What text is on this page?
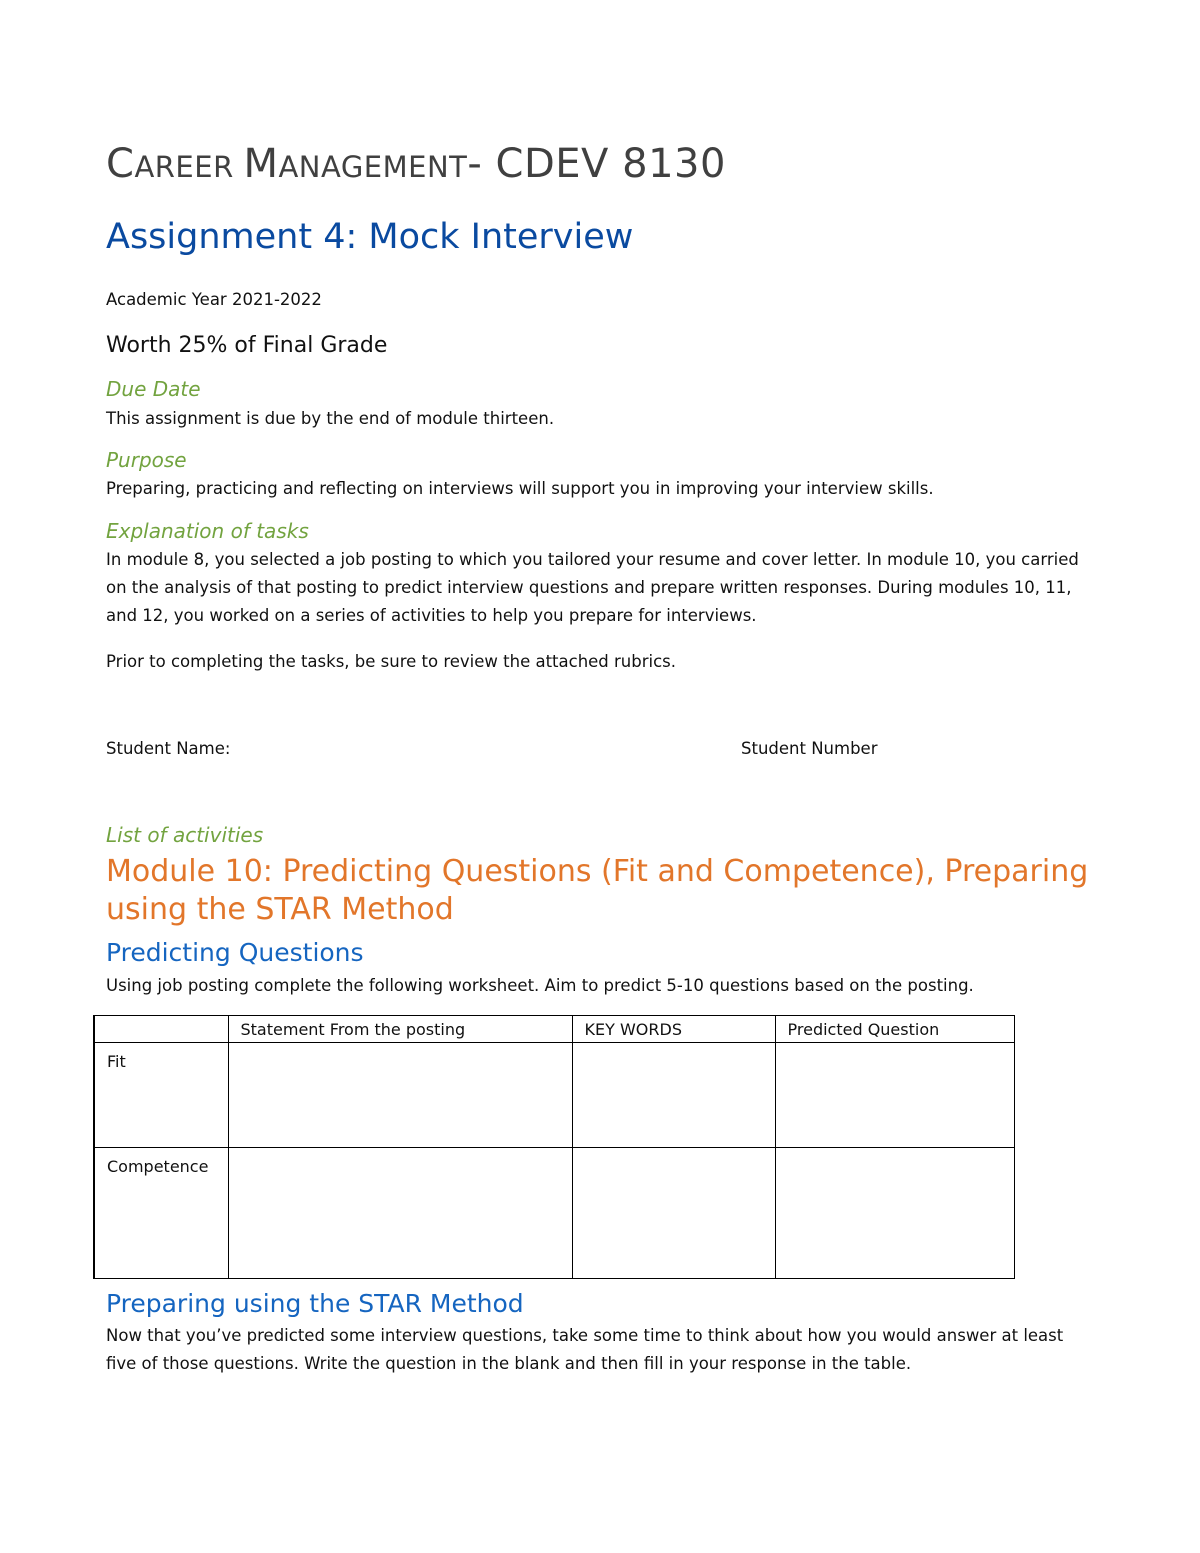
CAREER MANAGEMENT- CDEV 8130
Assignment 4: Mock Interview
Academic Year 2021-2022
Worth 25% of Final Grade
Due Date
This assignment is due by the end of module thirteen.
Purpose
Preparing, practicing and reflecting on interviews will support you in improving your interview skills.
Explanation of tasks
In module 8, you selected a job posting to which you tailored your resume and cover letter. In module 10, you carried on the analysis of that posting to predict interview questions and prepare written responses. During modules 10, 11, and 12, you worked on a series of activities to help you prepare for interviews.
Prior to completing the tasks, be sure to review the attached rubrics.
Student Name:	Student Number
List of activities
Module 10: Predicting Questions (Fit and Competence), Preparing using the STAR Method
Predicting Questions
Using job posting complete the following worksheet. Aim to predict 5-10 questions based on the posting.
	Statement From the posting	KEY WORDS	Predicted Question
Fit			
Competence			
Preparing using the STAR Method
Now that you’ve predicted some interview questions, take some time to think about how you would answer at least five of those questions. Write the question in the blank and then fill in your response in the table.
